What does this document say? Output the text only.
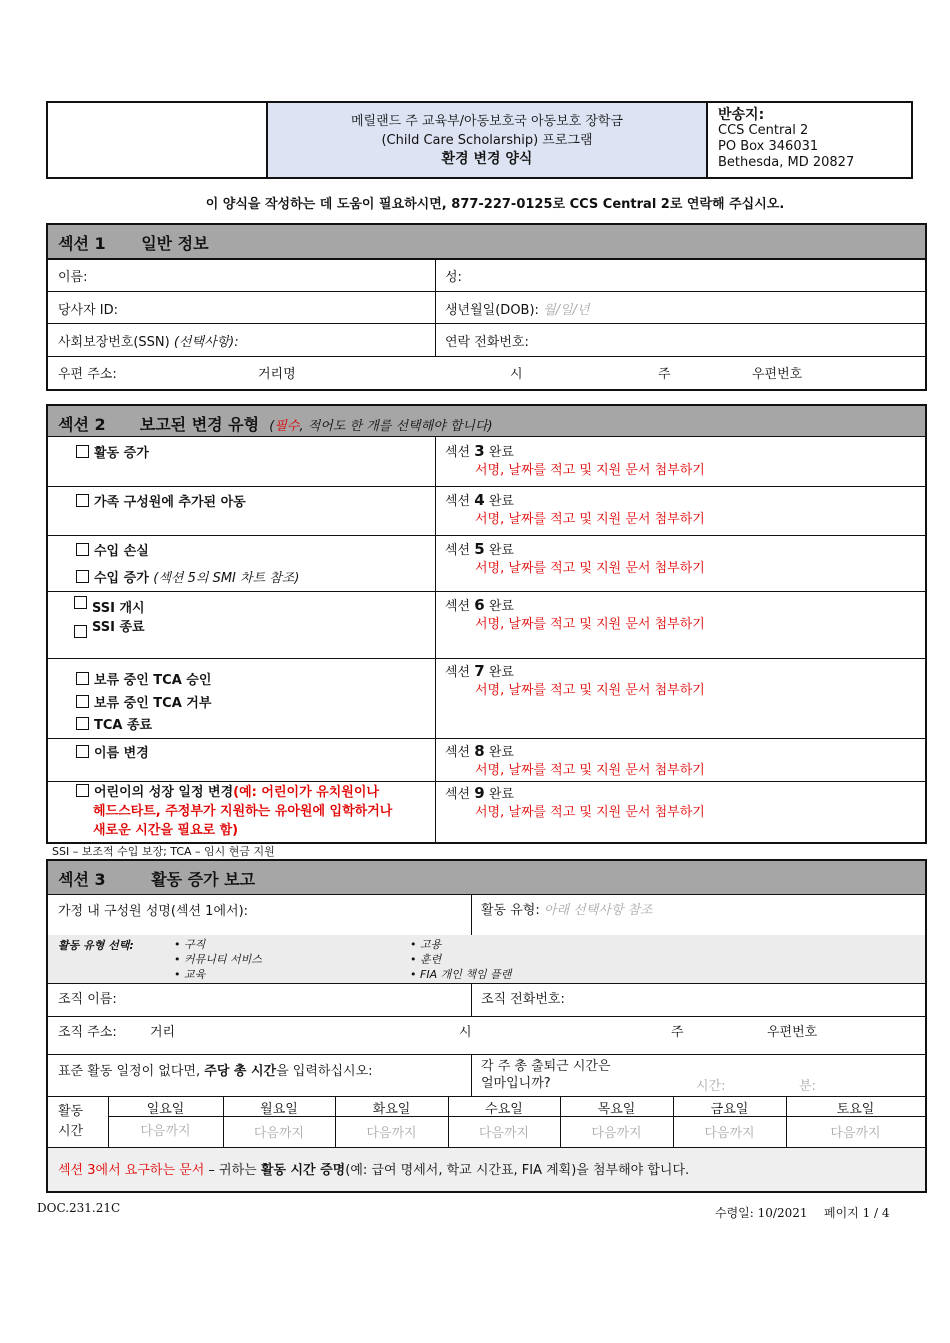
메릴랜드 주 교육부/아동보호국 아동보호 장학금
(Child Care Scholarship) 프로그램
환경 변경 양식
반송지:
CCS Central 2
PO Box 346031
Bethesda, MD 20827
이 양식을 작성하는 데 도움이 필요하시면, 877-227-0125로 CCS Central 2로 연락해 주십시오.
섹션 1 일반 정보
이름:	성:
당사자 ID:	생년월일(DOB): 월/일/년
사회보장번호(SSN) (선택사항):	연락 전화번호:
우편 주소:	거리명	시	주	우편번호
섹션 2 보고된 변경 유형 (필수, 적어도 한 개를 선택해야 합니다)
활동 증가	섹션 3 완료
서명, 날짜를 적고 및 지원 문서 첨부하기
가족 구성원에 추가된 아동	섹션 4 완료
서명, 날짜를 적고 및 지원 문서 첨부하기
수입 손실
수입 증가 (섹션 5의 SMI 차트 참조)
섹션 5 완료
서명, 날짜를 적고 및 지원 문서 첨부하기
SSI 개시
SSI 종료
섹션 6 완료
서명, 날짜를 적고 및 지원 문서 첨부하기
보류 중인 TCA 승인
보류 중인 TCA 거부
TCA 종료
섹션 7 완료
서명, 날짜를 적고 및 지원 문서 첨부하기
이름 변경	섹션 8 완료
서명, 날짜를 적고 및 지원 문서 첨부하기
어린이의 성장 일정 변경(예: 어린이가 유치원이나
헤드스타트, 주정부가 지원하는 유아원에 입학하거나
새로운 시간을 필요로 함)
섹션 9 완료
서명, 날짜를 적고 및 지원 문서 첨부하기
SSI – 보조적 수입 보장; TCA – 임시 현금 지원
섹션 3	활동 증가 보고
가정 내 구성원 성명(섹션 1에서):	활동 유형: 아래 선택사항 참조
활동 유형 선택:	• 구직
• 커뮤니티 서비스
• 교육
• 고용
• 훈련
• FIA 개인 책임 플랜
조직 이름:	조직 전화번호:
조직 주소:	거리	시	주	우편번호
표준 활동 일정이 없다면, 주당 총 시간을 입력하십시오:	각 주 총 출퇴근 시간은
얼마입니까?	시간:	분:
활동
시간
일요일	월요일	화요일	수요일	목요일	금요일	토요일
다음까지	다음까지	다음까지	다음까지	다음까지	다음까지	다음까지
섹션 3에서 요구하는 문서 – 귀하는 활동 시간 증명(예: 급여 명세서, 학교 시간표, FIA 계획)을 첨부해야 합니다.
DOC.231.21C	수령일: 10/2021 페이지 1 / 4
